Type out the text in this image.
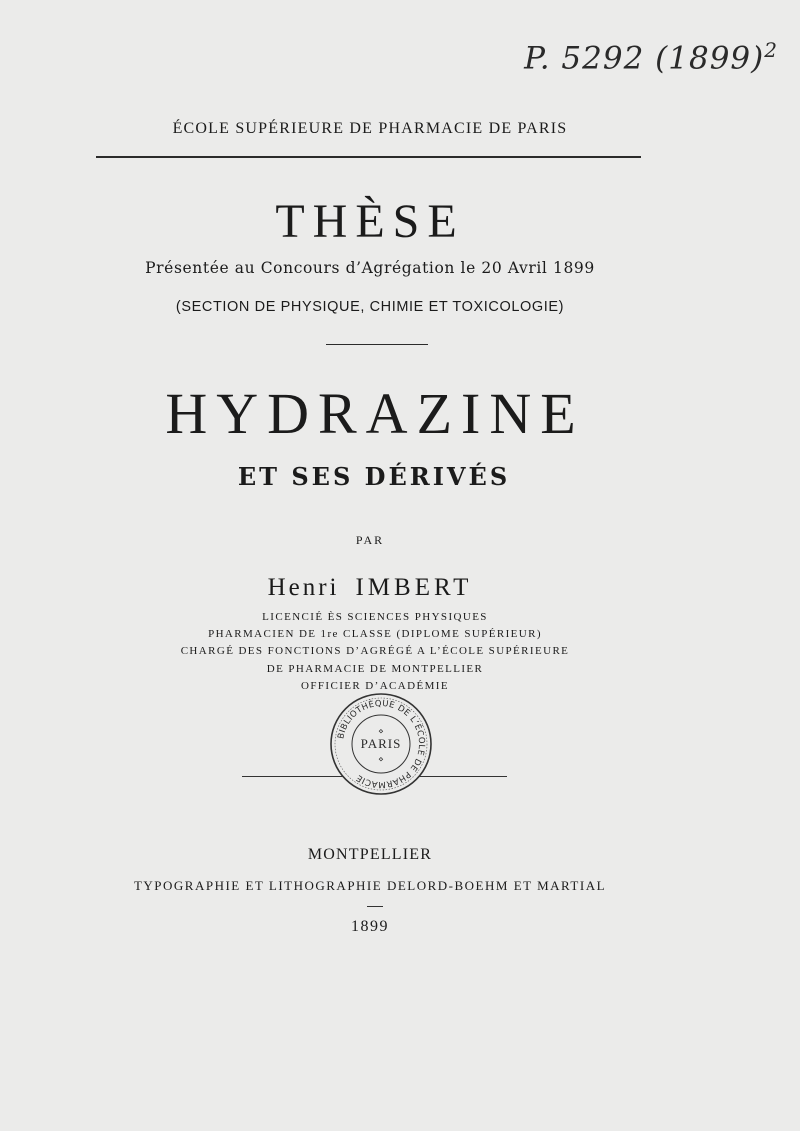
P. 5292 $(1899)^2$
ÉCOLE SUPÉRIEURE DE PHARMACIE DE PARIS
THÈSE
Présentée au Concours d’Agrégation le 20 Avril 1899
(SECTION DE PHYSIQUE, CHIMIE ET TOXICOLOGIE)
HYDRAZINE
ET SES DÉRIVÉS
PAR
Henri IMBERT
LICENCIÉ ÈS SCIENCES PHYSIQUES
PHARMACIEN DE 1re CLASSE (DIPLOME SUPÉRIEUR)
CHARGÉ DES FONCTIONS D’AGRÉGÉ A L’ÉCOLE SUPÉRIEURE
DE PHARMACIE DE MONTPELLIER
OFFICIER D’ACADÉMIE
BIBLIOTHÈQUE DE L’ÉCOLE DE PHARMACIE
PARIS
⋄
⋄
MONTPELLIER
TYPOGRAPHIE ET LITHOGRAPHIE DELORD-BOEHM ET MARTIAL
1899
